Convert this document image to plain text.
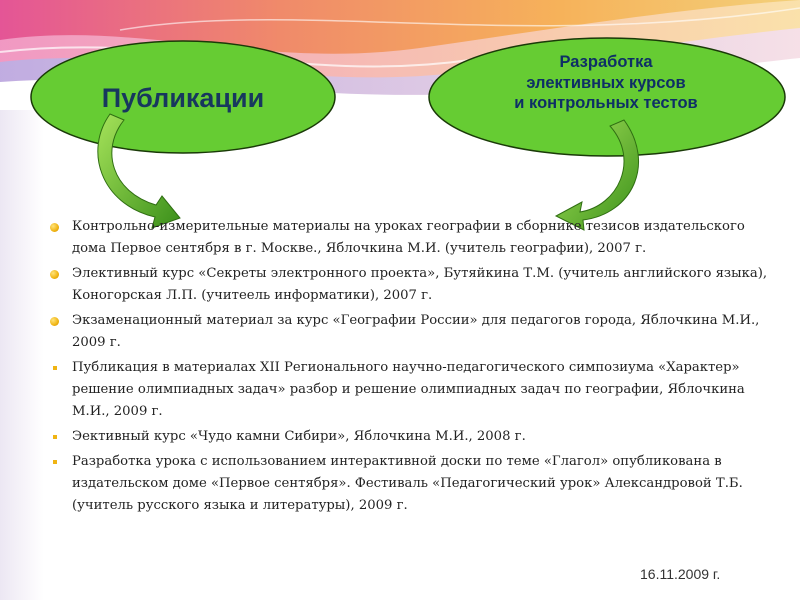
Публикации
Разработка
элективных курсов
и контрольных тестов
Контрольно-измерительные материалы на уроках географии в сборнике тезисов издательского дома Первое сентября в г. Москве., Яблочкина М.И. (учитель географии), 2007 г.
Элективный курс «Секреты электронного проекта», Бутяйкина Т.М. (учитель английского языка), Коногорская Л.П. (учитеель информатики), 2007 г.
Экзаменационный материал за курс «Географии России» для педагогов города, Яблочкина М.И., 2009 г.
Публикация в материалах XII Регионального научно-педагогического симпозиума «Характер» решение олимпиадных задач» разбор и решение олимпиадных задач по географии, Яблочкина М.И., 2009 г.
Эективный курс «Чудо камни Сибири», Яблочкина М.И., 2008 г.
Разработка урока с использованием интерактивной доски по теме «Глагол» опубликована в издательском доме «Первое сентября». Фестиваль «Педагогический урок» Александровой Т.Б. (учитель русского языка и литературы), 2009 г.
16.11.2009 г.
